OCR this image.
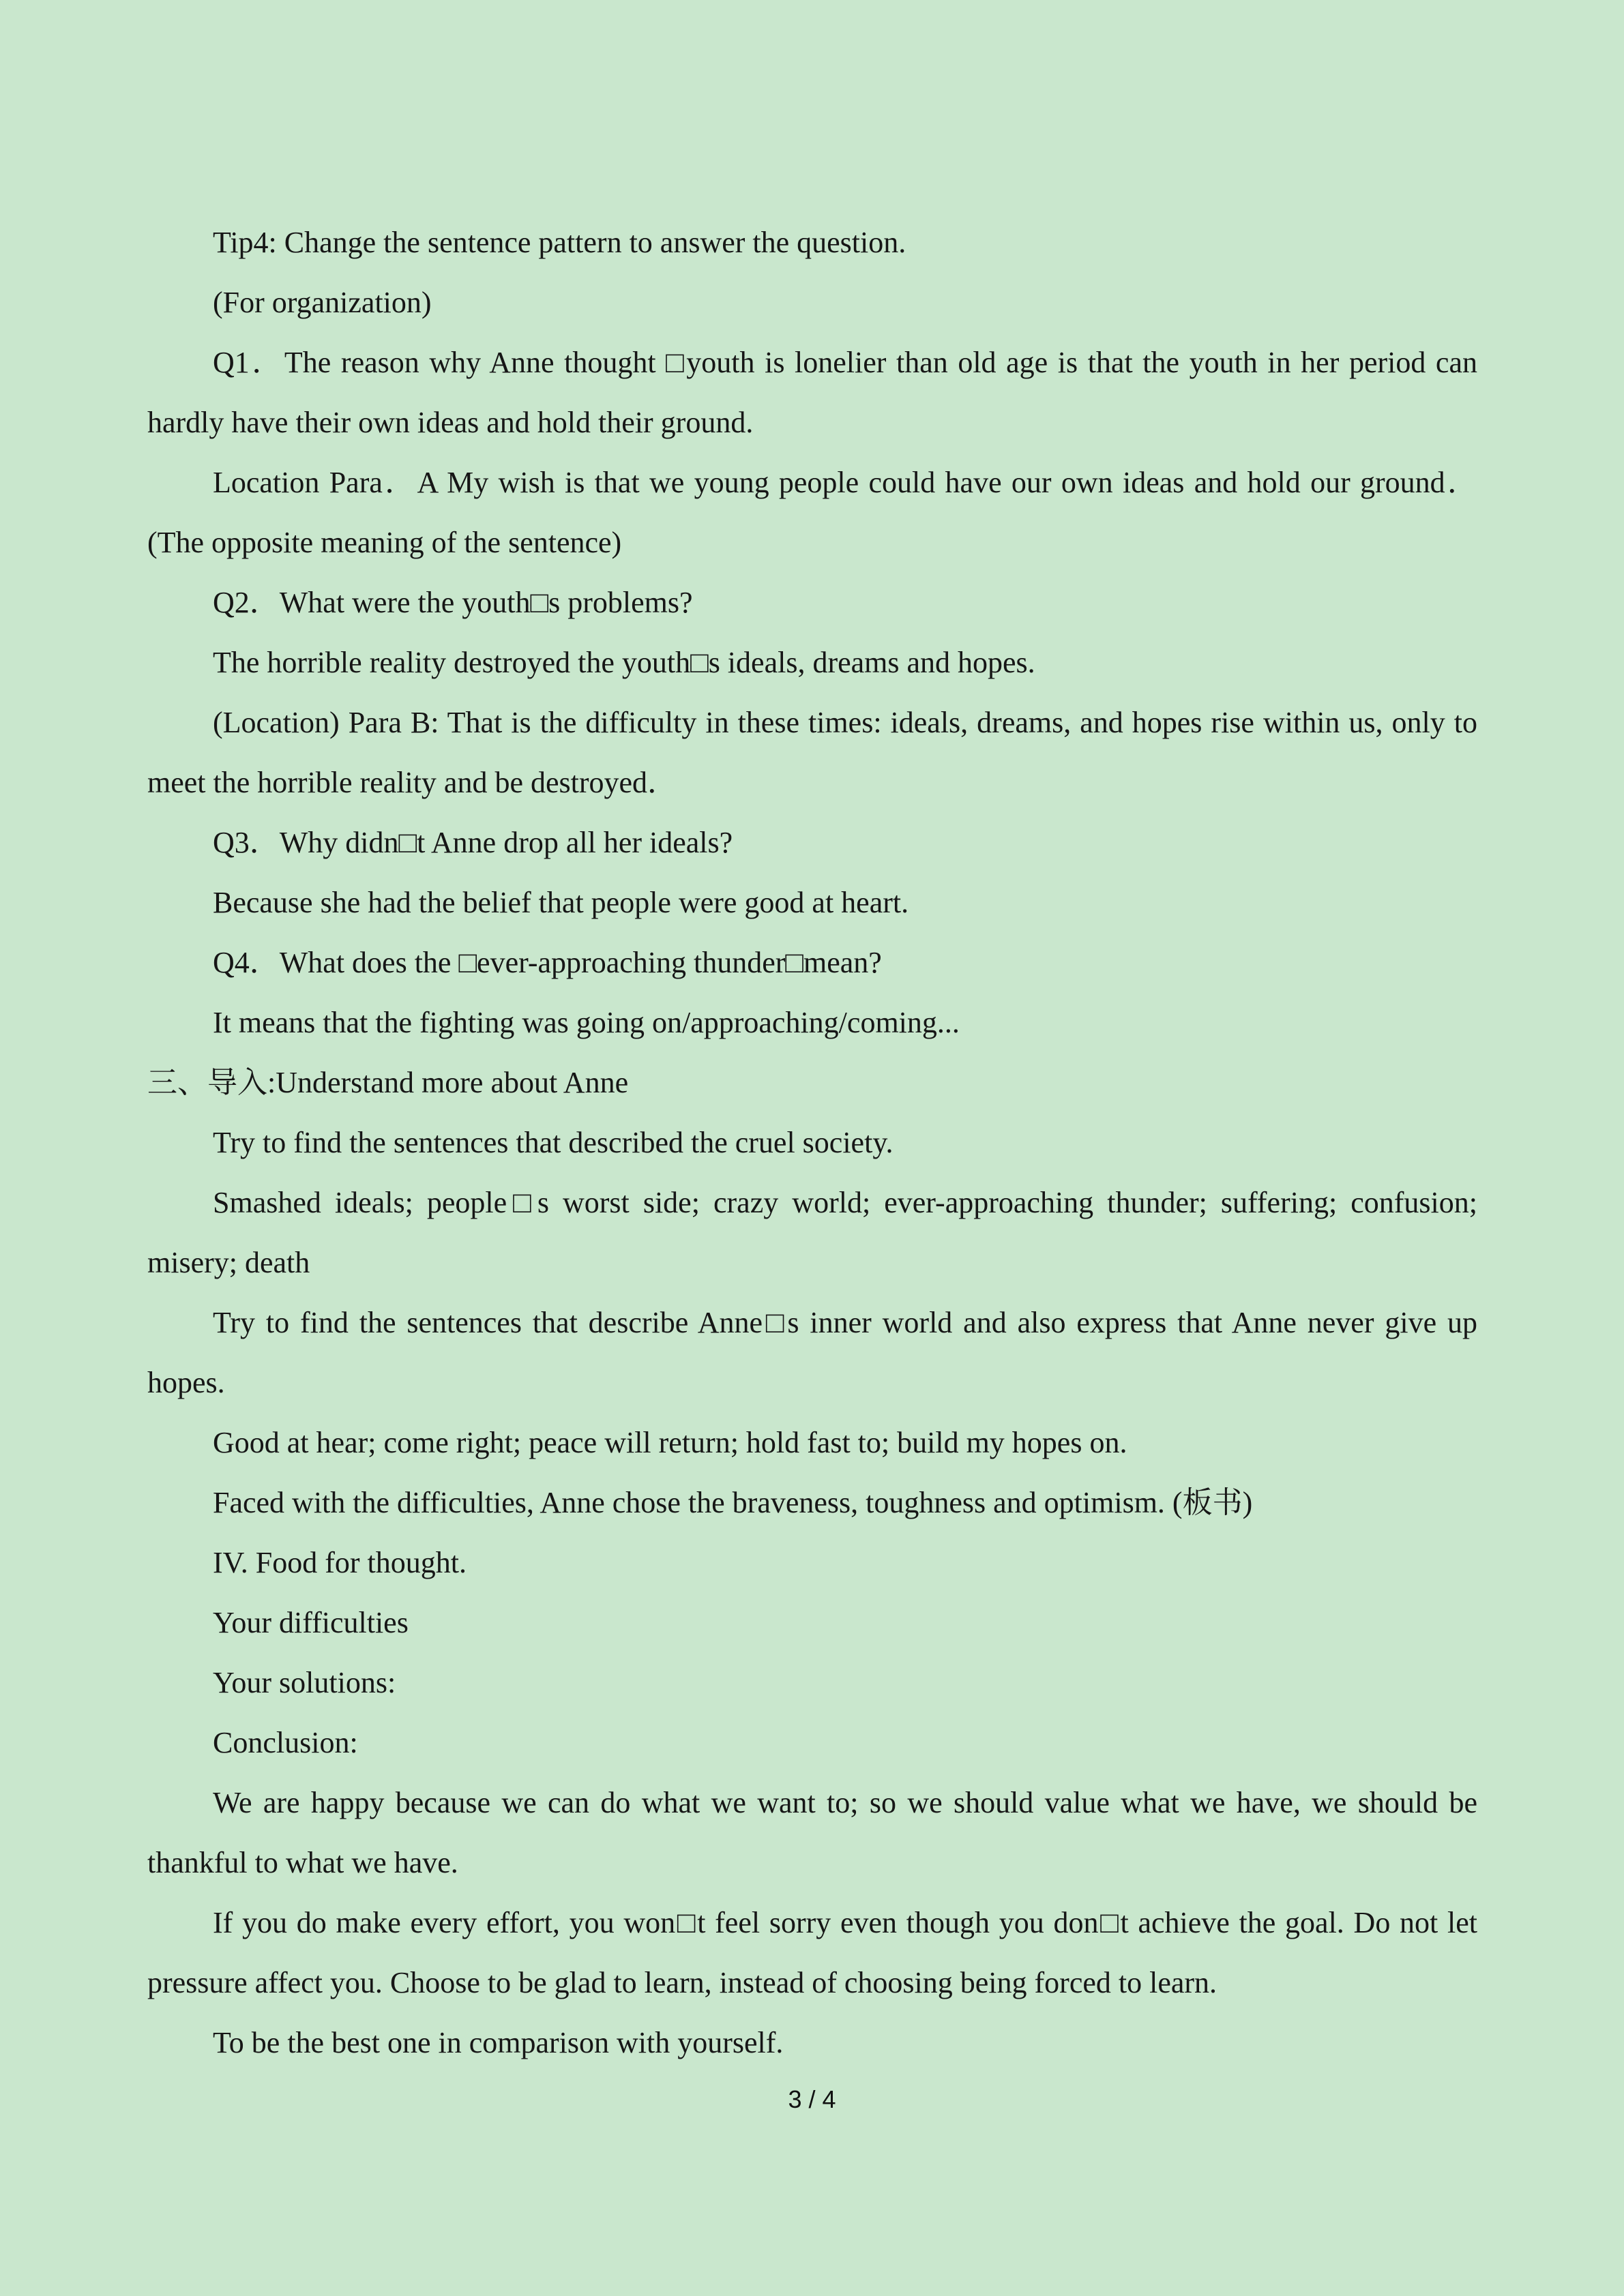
Tip4: Change the sentence pattern to answer the question.

(For organization)

Q1．The reason why Anne thought □youth is lonelier than old age is that the youth in her period can hardly have their own ideas and hold their ground.

Location Para．A My wish is that we young people could have our own ideas and hold our ground．(The opposite meaning of the sentence)

Q2．What were the youth□s problems?

The horrible reality destroyed the youth□s ideals, dreams and hopes.

(Location) Para B: That is the difficulty in these times: ideals, dreams, and hopes rise within us, only to meet the horrible reality and be destroyed．

Q3．Why didn□t Anne drop all her ideals?

Because she had the belief that people were good at heart.

Q4．What does the □ever-approaching thunder□mean?

It means that the fighting was going on/approaching/coming...

三、导入:Understand more about Anne

Try to find the sentences that described the cruel society.

Smashed ideals; people□s worst side; crazy world; ever-approaching thunder; suffering; confusion; misery; death

Try to find the sentences that describe Anne□s inner world and also express that Anne never give up hopes.

Good at hear; come right; peace will return; hold fast to; build my hopes on.

Faced with the difficulties, Anne chose the braveness, toughness and optimism. (板书)

IV. Food for thought.

Your difficulties

Your solutions:

Conclusion:

We are happy because we can do what we want to; so we should value what we have, we should be thankful to what we have.

If you do make every effort, you won□t feel sorry even though you don□t achieve the goal. Do not let pressure affect you. Choose to be glad to learn, instead of choosing being forced to learn.

To be the best one in comparison with yourself.

3 / 4
